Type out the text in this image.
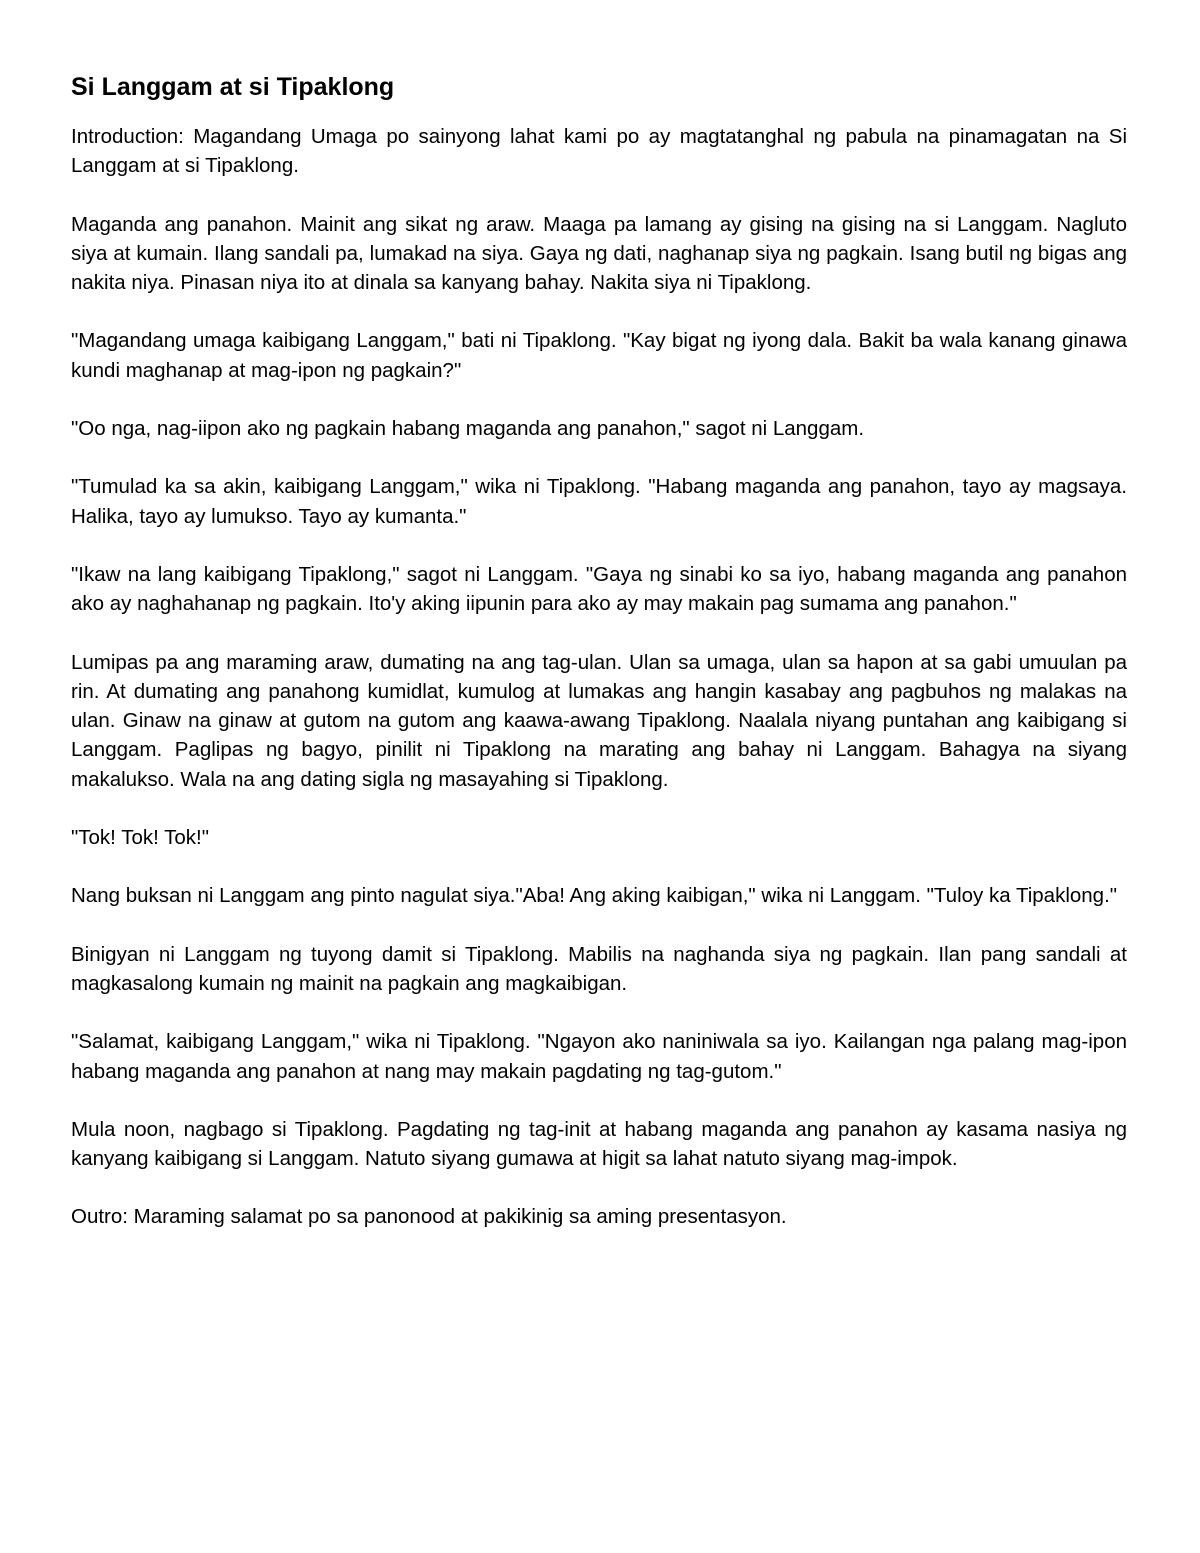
Si Langgam at si Tipaklong

Introduction: Magandang Umaga po sainyong lahat kami po ay magtatanghal ng pabula na pinamagatan na Si Langgam at si Tipaklong.

Maganda ang panahon. Mainit ang sikat ng araw. Maaga pa lamang ay gising na gising na si Langgam. Nagluto siya at kumain. Ilang sandali pa, lumakad na siya. Gaya ng dati, naghanap siya ng pagkain. Isang butil ng bigas ang nakita niya. Pinasan niya ito at dinala sa kanyang bahay. Nakita siya ni Tipaklong.

"Magandang umaga kaibigang Langgam," bati ni Tipaklong. "Kay bigat ng iyong dala. Bakit ba wala kanang ginawa kundi maghanap at mag-ipon ng pagkain?"

"Oo nga, nag-iipon ako ng pagkain habang maganda ang panahon," sagot ni Langgam.

"Tumulad ka sa akin, kaibigang Langgam," wika ni Tipaklong. "Habang maganda ang panahon, tayo ay magsaya. Halika, tayo ay lumukso. Tayo ay kumanta."

"Ikaw na lang kaibigang Tipaklong," sagot ni Langgam. "Gaya ng sinabi ko sa iyo, habang maganda ang panahon ako ay naghahanap ng pagkain. Ito'y aking iipunin para ako ay may makain pag sumama ang panahon."

Lumipas pa ang maraming araw, dumating na ang tag-ulan. Ulan sa umaga, ulan sa hapon at sa gabi umuulan pa rin. At dumating ang panahong kumidlat, kumulog at lumakas ang hangin kasabay ang pagbuhos ng malakas na ulan. Ginaw na ginaw at gutom na gutom ang kaawa-awang Tipaklong. Naalala niyang puntahan ang kaibigang si Langgam. Paglipas ng bagyo, pinilit ni Tipaklong na marating ang bahay ni Langgam. Bahagya na siyang makalukso. Wala na ang dating sigla ng masayahing si Tipaklong.

"Tok! Tok! Tok!"

Nang buksan ni Langgam ang pinto nagulat siya."Aba! Ang aking kaibigan," wika ni Langgam. "Tuloy ka Tipaklong."

Binigyan ni Langgam ng tuyong damit si Tipaklong. Mabilis na naghanda siya ng pagkain. Ilan pang sandali at magkasalong kumain ng mainit na pagkain ang magkaibigan.

"Salamat, kaibigang Langgam," wika ni Tipaklong. "Ngayon ako naniniwala sa iyo. Kailangan nga palang mag-ipon habang maganda ang panahon at nang may makain pagdating ng tag-gutom."

Mula noon, nagbago si Tipaklong. Pagdating ng tag-init at habang maganda ang panahon ay kasama nasiya ng kanyang kaibigang si Langgam. Natuto siyang gumawa at higit sa lahat natuto siyang mag-impok.

Outro: Maraming salamat po sa panonood at pakikinig sa aming presentasyon.
